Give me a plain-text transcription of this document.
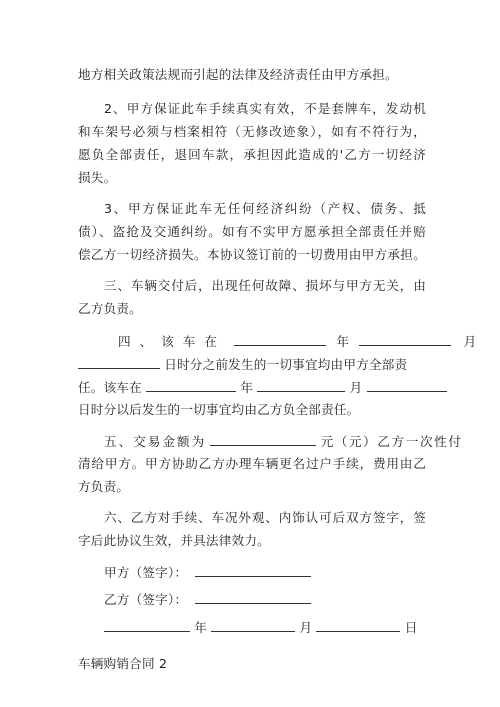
地方相关政策法规而引起的法律及经济责任由甲方承担。
2、甲方保证此车手续真实有效，不是套牌车，发动机
和车架号必须与档案相符（无修改迹象），如有不符行为，
愿负全部责任，退回车款，承担因此造成的'乙方一切经济
损失。
3、甲方保证此车无任何经济纠纷（产权、债务、抵
债）、盗抢及交通纠纷。如有不实甲方愿承担全部责任并赔
偿乙方一切经济损失。本协议签订前的一切费用由甲方承担。
三、车辆交付后，出现任何故障、损坏与甲方无关，由
乙方负责。
四、该车在	年	月
日时分之前发生的一切事宜均由甲方全部责
任。该车在	年	月
日时分以后发生的一切事宜均由乙方负全部责任。
五、交易金额为	元（元）乙方一次性付
清给甲方。甲方协助乙方办理车辆更名过户手续，费用由乙
方负责。
六、乙方对手续、车况外观、内饰认可后双方签字，签
字后此协议生效，并具法律效力。
甲方（签字）：
乙方（签字）：
年	月	日
车辆购销合同 2
